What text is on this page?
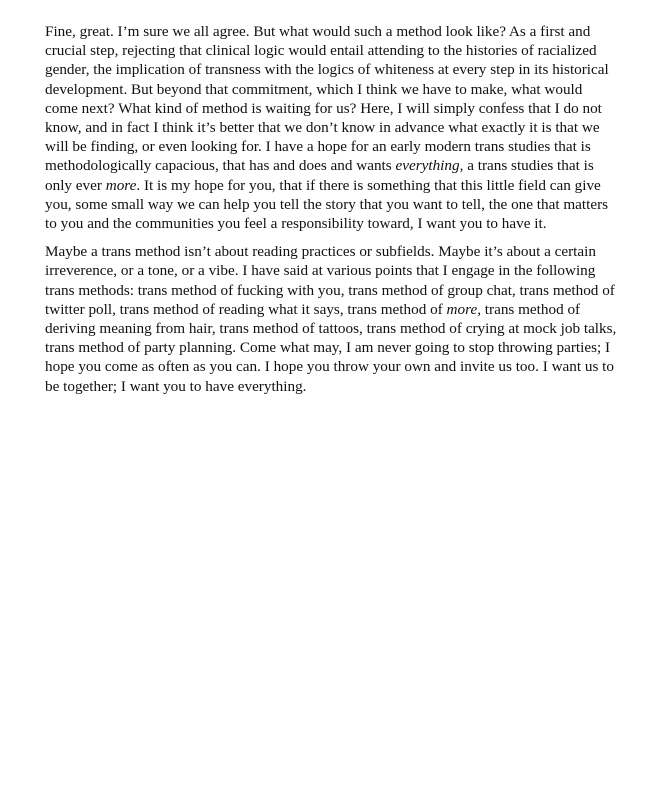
Fine, great. I’m sure we all agree. But what would such a method look like? As a first and crucial step, rejecting that clinical logic would entail attending to the histories of racialized gender, the implication of transness with the logics of whiteness at every step in its historical development. But beyond that commitment, which I think we have to make, what would come next? What kind of method is waiting for us? Here, I will simply confess that I do not know, and in fact I think it’s better that we don’t know in advance what exactly it is that we will be finding, or even looking for. I have a hope for an early modern trans studies that is methodologically capacious, that has and does and wants everything, a trans studies that is only ever more. It is my hope for you, that if there is something that this little field can give you, some small way we can help you tell the story that you want to tell, the one that matters to you and the communities you feel a responsibility toward, I want you to have it.

Maybe a trans method isn’t about reading practices or subfields. Maybe it’s about a certain irreverence, or a tone, or a vibe. I have said at various points that I engage in the following trans methods: trans method of fucking with you, trans method of group chat, trans method of twitter poll, trans method of reading what it says, trans method of more, trans method of deriving meaning from hair, trans method of tattoos, trans method of crying at mock job talks, trans method of party planning. Come what may, I am never going to stop throwing parties; I hope you come as often as you can. I hope you throw your own and invite us too. I want us to be together; I want you to have everything.
